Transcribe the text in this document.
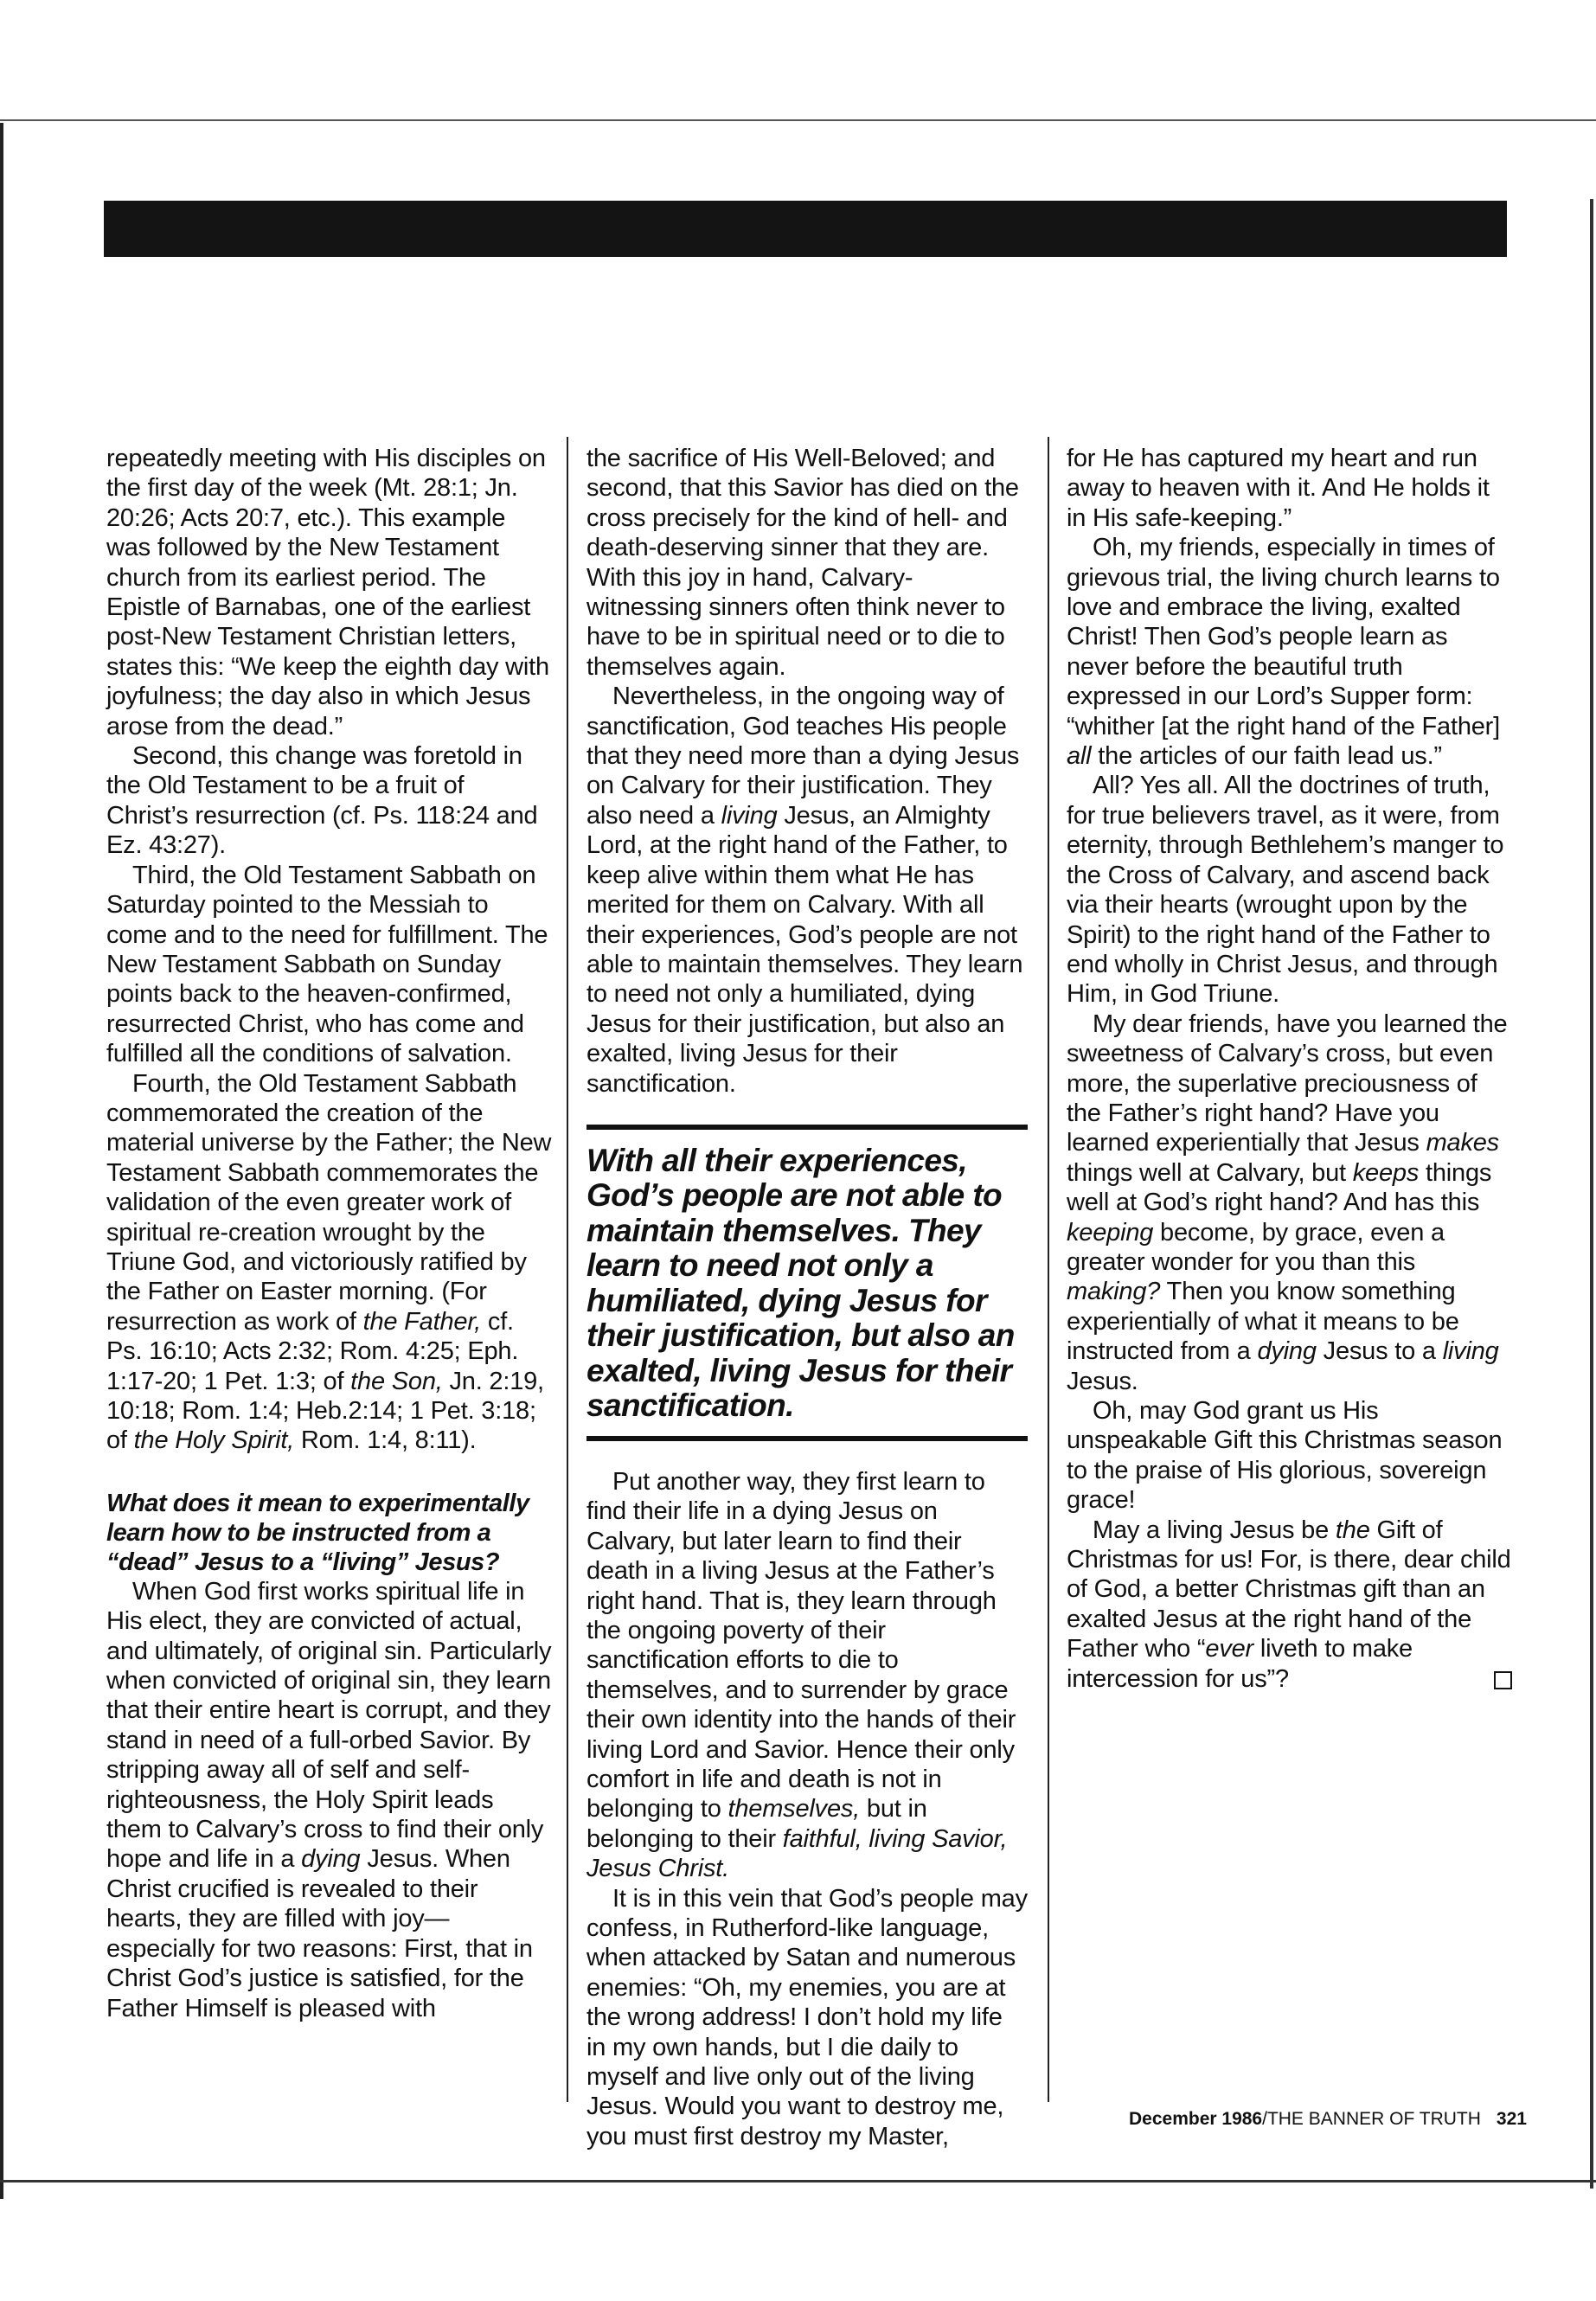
repeatedly meeting with His disciples on the first day of the week (Mt. 28:1; Jn. 20:26; Acts 20:7, etc.). This example was followed by the New Testament church from its earliest period. The Epistle of Barnabas, one of the earliest post-New Testament Christian letters, states this: “We keep the eighth day with joyfulness; the day also in which Jesus arose from the dead.”

Second, this change was foretold in the Old Testament to be a fruit of Christ’s resurrection (cf. Ps. 118:24 and Ez. 43:27).

Third, the Old Testament Sabbath on Saturday pointed to the Messiah to come and to the need for fulfillment. The New Testament Sabbath on Sunday points back to the heaven-confirmed, resurrected Christ, who has come and fulfilled all the conditions of salvation.

Fourth, the Old Testament Sabbath commemorated the creation of the material universe by the Father; the New Testament Sabbath commemorates the validation of the even greater work of spiritual re-creation wrought by the Triune God, and victoriously ratified by the Father on Easter morning. (For resurrection as work of the Father, cf. Ps. 16:10; Acts 2:32; Rom. 4:25; Eph. 1:17-20; 1 Pet. 1:3; of the Son, Jn. 2:19, 10:18; Rom. 1:4; Heb.2:14; 1 Pet. 3:18; of the Holy Spirit, Rom. 1:4, 8:11).

What does it mean to experimentally learn how to be instructed from a “dead” Jesus to a “living” Jesus?

When God first works spiritual life in His elect, they are convicted of actual, and ultimately, of original sin. Particularly when convicted of original sin, they learn that their entire heart is corrupt, and they stand in need of a full-orbed Savior. By stripping away all of self and self-righteousness, the Holy Spirit leads them to Calvary’s cross to find their only hope and life in a dying Jesus. When Christ crucified is revealed to their hearts, they are filled with joy—especially for two reasons: First, that in Christ God’s justice is satisfied, for the Father Himself is pleased with

the sacrifice of His Well-Beloved; and second, that this Savior has died on the cross precisely for the kind of hell- and death-deserving sinner that they are. With this joy in hand, Calvary-witnessing sinners often think never to have to be in spiritual need or to die to themselves again.

Nevertheless, in the ongoing way of sanctification, God teaches His people that they need more than a dying Jesus on Calvary for their justification. They also need a living Jesus, an Almighty Lord, at the right hand of the Father, to keep alive within them what He has merited for them on Calvary. With all their experiences, God’s people are not able to maintain themselves. They learn to need not only a humiliated, dying Jesus for their justification, but also an exalted, living Jesus for their sanctification.

With all their experiences, God’s people are not able to maintain themselves. They learn to need not only a humiliated, dying Jesus for their justification, but also an exalted, living Jesus for their sanctification.

Put another way, they first learn to find their life in a dying Jesus on Calvary, but later learn to find their death in a living Jesus at the Father’s right hand. That is, they learn through the ongoing poverty of their sanctification efforts to die to themselves, and to surrender by grace their own identity into the hands of their living Lord and Savior. Hence their only comfort in life and death is not in belonging to themselves, but in belonging to their faithful, living Savior, Jesus Christ.

It is in this vein that God’s people may confess, in Rutherford-like language, when attacked by Satan and numerous enemies: “Oh, my enemies, you are at the wrong address! I don’t hold my life in my own hands, but I die daily to myself and live only out of the living Jesus. Would you want to destroy me, you must first destroy my Master,

for He has captured my heart and run away to heaven with it. And He holds it in His safe-keeping.”

Oh, my friends, especially in times of grievous trial, the living church learns to love and embrace the living, exalted Christ! Then God’s people learn as never before the beautiful truth expressed in our Lord’s Supper form: “whither [at the right hand of the Father] all the articles of our faith lead us.”

All? Yes all. All the doctrines of truth, for true believers travel, as it were, from eternity, through Bethlehem’s manger to the Cross of Calvary, and ascend back via their hearts (wrought upon by the Spirit) to the right hand of the Father to end wholly in Christ Jesus, and through Him, in God Triune.

My dear friends, have you learned the sweetness of Calvary’s cross, but even more, the superlative preciousness of the Father’s right hand? Have you learned experientially that Jesus makes things well at Calvary, but keeps things well at God’s right hand? And has this keeping become, by grace, even a greater wonder for you than this making? Then you know something experientially of what it means to be instructed from a dying Jesus to a living Jesus.

Oh, may God grant us His unspeakable Gift this Christmas season to the praise of His glorious, sovereign grace!

May a living Jesus be the Gift of Christmas for us! For, is there, dear child of God, a better Christmas gift than an exalted Jesus at the right hand of the Father who “ever liveth to make intercession for us”?

December 1986/THE BANNER OF TRUTH 321
